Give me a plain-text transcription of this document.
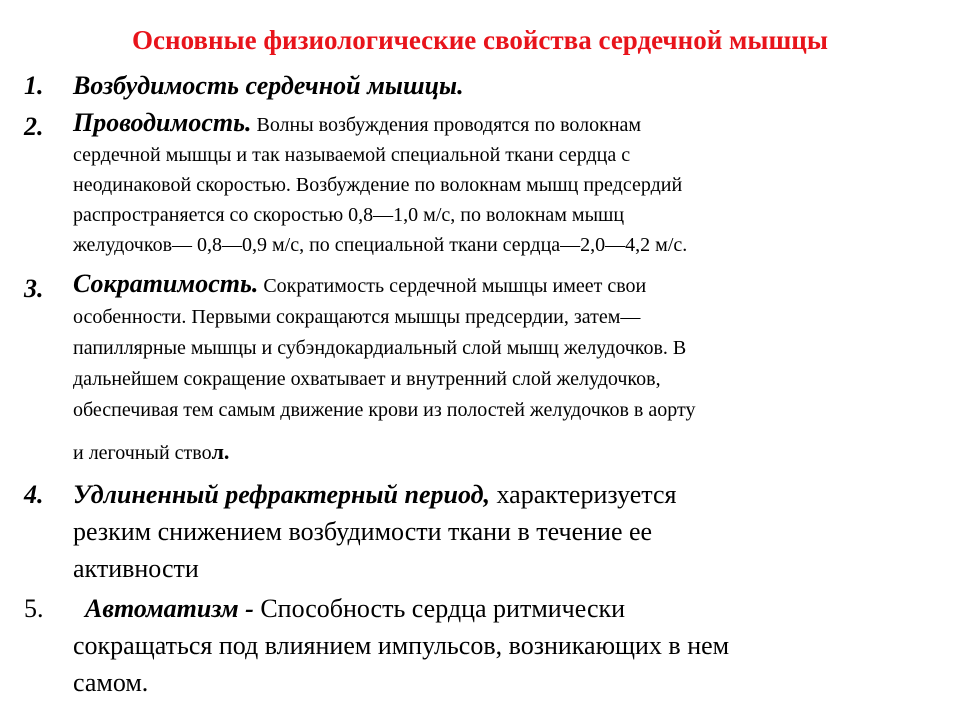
Основные физиологические свойства сердечной мышцы
1. Возбудимость сердечной мышцы.
2. Проводимость. Волны возбуждения проводятся по волокнам
сердечной мышцы и так называемой специальной ткани сердца с
неодинаковой скоростью. Возбуждение по волокнам мышц предсердий
распространяется со скоростью 0,8—1,0 м/с, по волокнам мышц
желудочков— 0,8—0,9 м/с, по специальной ткани сердца—2,0—4,2 м/с.
3. Сократимость. Сократимость сердечной мышцы имеет свои
особенности. Первыми сокращаются мышцы предсердии, затем—
папиллярные мышцы и субэндокардиальный слой мышц желудочков. В
дальнейшем сокращение охватывает и внутренний слой желудочков,
обеспечивая тем самым движение крови из полостей желудочков в аорту
и легочный ствол.
4. Удлиненный рефрактерный период, характеризуется
резким снижением возбудимости ткани в течение ее
активности
5.	Автоматизм - Способность сердца ритмически
сокращаться под влиянием импульсов, возникающих в нем
самом.
